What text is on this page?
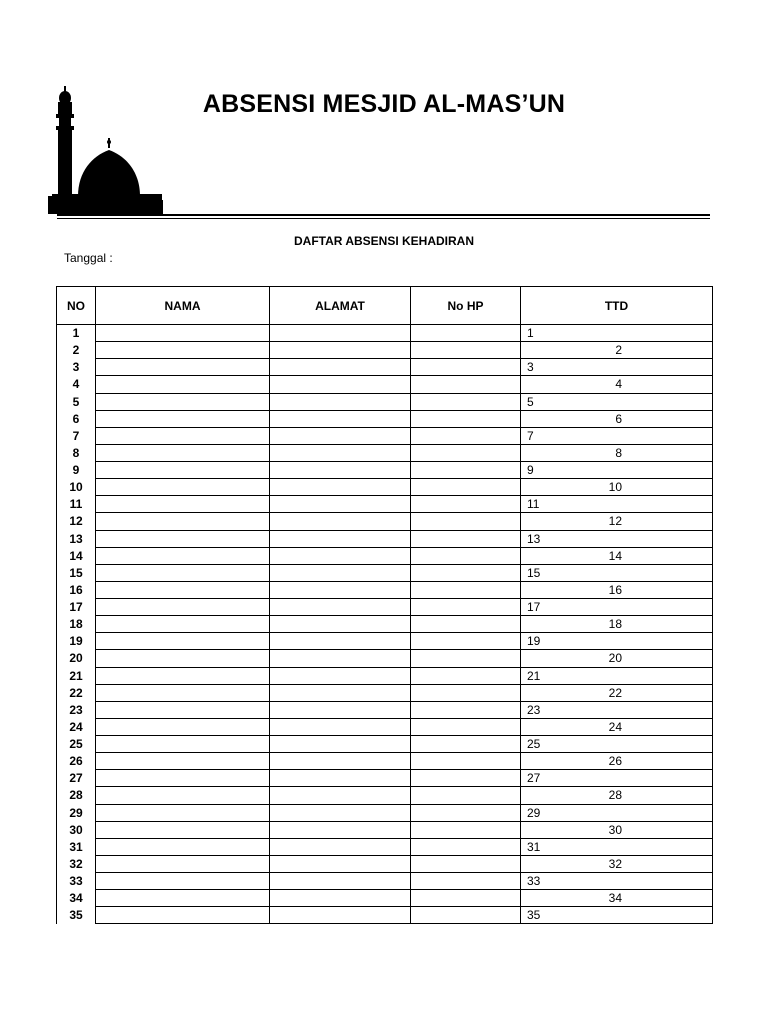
ABSENSI MESJID AL-MAS’UN
DAFTAR ABSENSI KEHADIRAN
Tanggal :
NO	NAMA	ALAMAT	No HP	TTD
1				1
2				2
3				3
4				4
5				5
6				6
7				7
8				8
9				9
10				10
11				11
12				12
13				13
14				14
15				15
16				16
17				17
18				18
19				19
20				20
21				21
22				22
23				23
24				24
25				25
26				26
27				27
28				28
29				29
30				30
31				31
32				32
33				33
34				34
35				35
